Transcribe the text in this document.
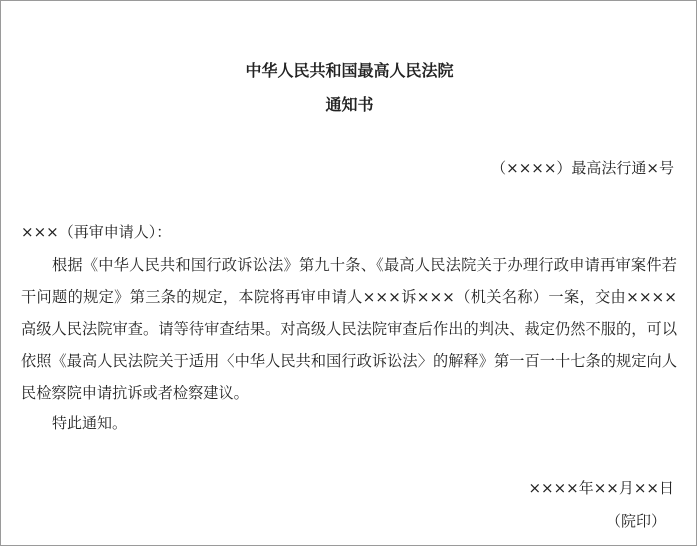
中华人民共和国最高人民法院
通知书
（××××）最高法行通×号
×××（再审申请人）：
根据《中华人民共和国行政诉讼法》第九十条、《最高人民法院关于办理行政申请再审案件若干问题的规定》第三条的规定，本院将再审申请人×××诉×××（机关名称）一案，交由××××高级人民法院审查。请等待审查结果。对高级人民法院审查后作出的判决、裁定仍然不服的，可以依照《最高人民法院关于适用〈中华人民共和国行政诉讼法〉的解释》第一百一十七条的规定向人民检察院申请抗诉或者检察建议。
特此通知。
××××年××月××日
（院印）
